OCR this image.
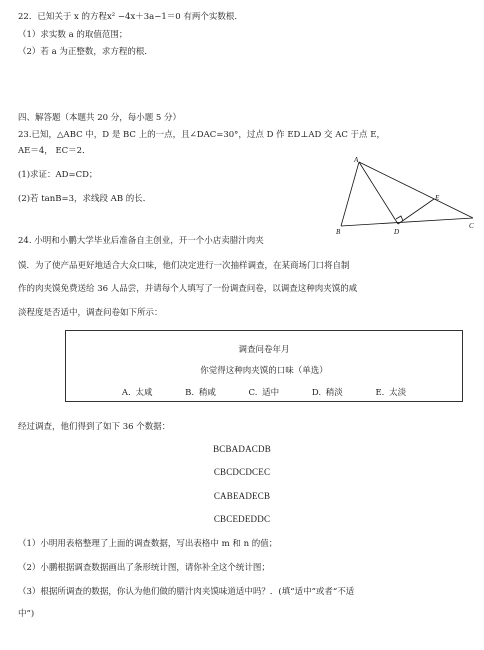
22．已知关于 x 的方程x² −4x＋3a−1＝0 有两个实数根．
（1）求实数 a 的取值范围；
（2）若 a 为正整数，求方程的根．
四、解答题（本题共 20 分，每小题 5 分）
23.已知，△ABC 中，D 是 BC 上的一点，且∠DAC=30°，过点 D 作 ED⊥AD 交 AC 于点 E，
AE＝4， EC＝2．
(1)求证：AD=CD；
(2)若 tanB=3，求线段 AB 的长．
A
B
C
D
E
24. 小明和小鹏大学毕业后准备自主创业，开一个小店卖腊汁肉夹
馍．为了使产品更好地适合大众口味，他们决定进行一次抽样调查，在某商场门口将自制
作的肉夹馍免费送给 36 人品尝，并请每个人填写了一份调查问卷，以调查这种肉夹馍的咸
淡程度是否适中，调查问卷如下所示：
调查问卷年月
你觉得这种肉夹馍的口味（单选）
A. 太咸	B. 稍咸	C. 适中	D. 稍淡	E. 太淡
经过调查，他们得到了如下 36 个数据：
BCBADACDB
CBCDCDCEC
CABEADECB
CBCEDEDDC
（1）小明用表格整理了上面的调查数据，写出表格中 m 和 n 的值；
（2）小鹏根据调查数据画出了条形统计图，请你补全这个统计图；
（3）根据所调查的数据，你认为他们做的腊汁肉夹馍味道适中吗？．(填“适中”或者“不适
中”)
